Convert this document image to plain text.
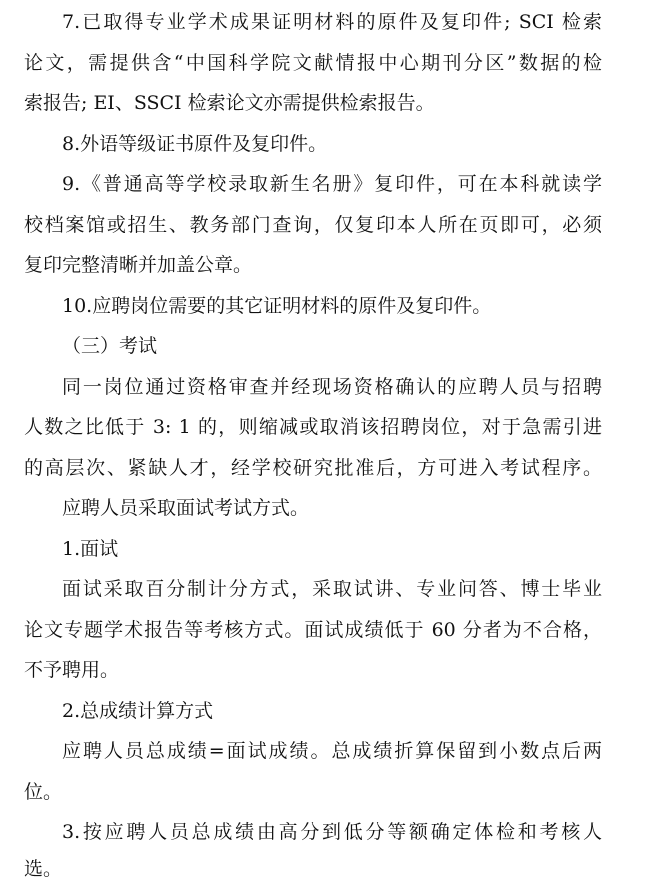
7.已取得专业学术成果证明材料的原件及复印件; SCI 检索
论文，需提供含“中国科学院文献情报中心期刊分区”数据的检
索报告; EI、SSCI 检索论文亦需提供检索报告。
8.外语等级证书原件及复印件。
9.《普通高等学校录取新生名册》复印件，可在本科就读学
校档案馆或招生、教务部门查询，仅复印本人所在页即可，必须
复印完整清晰并加盖公章。
10.应聘岗位需要的其它证明材料的原件及复印件。
（三）考试
同一岗位通过资格审查并经现场资格确认的应聘人员与招聘
人数之比低于 3: 1 的，则缩减或取消该招聘岗位，对于急需引进
的高层次、紧缺人才，经学校研究批准后，方可进入考试程序。
应聘人员采取面试考试方式。
1.面试
面试采取百分制计分方式，采取试讲、专业问答、博士毕业
论文专题学术报告等考核方式。面试成绩低于 60 分者为不合格，
不予聘用。
2.总成绩计算方式
应聘人员总成绩=面试成绩。总成绩折算保留到小数点后两
位。
3.按应聘人员总成绩由高分到低分等额确定体检和考核人
选。
